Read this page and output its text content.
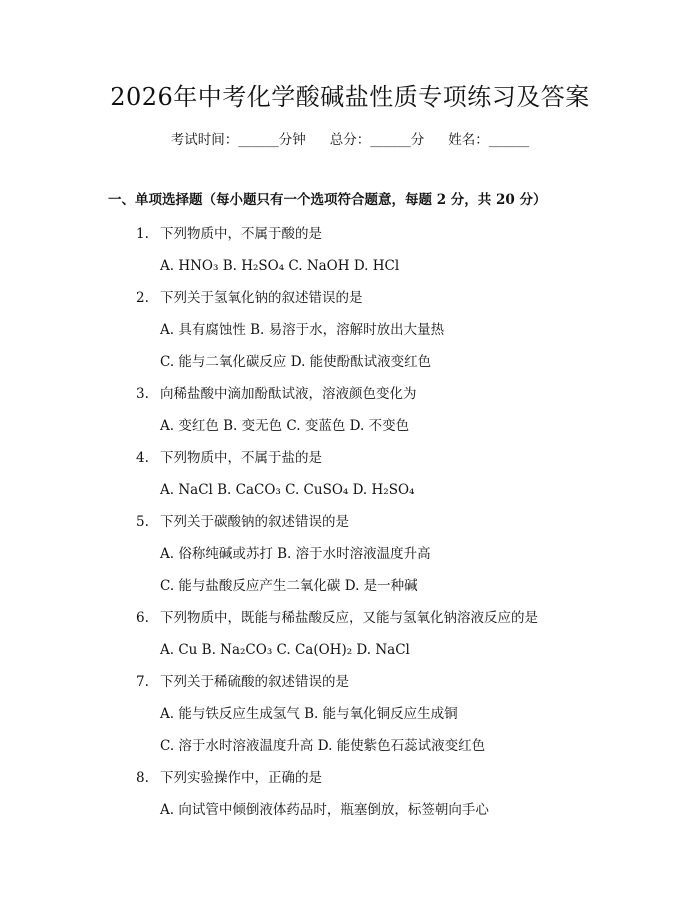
2026年中考化学酸碱盐性质专项练习及答案
考试时间：______分钟 总分：______分 姓名：______
一、单项选择题（每小题只有一个选项符合题意，每题 2 分，共 20 分）
1. 下列物质中，不属于酸的是
A. HNO₃ B. H₂SO₄ C. NaOH D. HCl
2. 下列关于氢氧化钠的叙述错误的是
A. 具有腐蚀性 B. 易溶于水，溶解时放出大量热
C. 能与二氧化碳反应 D. 能使酚酞试液变红色
3. 向稀盐酸中滴加酚酞试液，溶液颜色变化为
A. 变红色 B. 变无色 C. 变蓝色 D. 不变色
4. 下列物质中，不属于盐的是
A. NaCl B. CaCO₃ C. CuSO₄ D. H₂SO₄
5. 下列关于碳酸钠的叙述错误的是
A. 俗称纯碱或苏打 B. 溶于水时溶液温度升高
C. 能与盐酸反应产生二氧化碳 D. 是一种碱
6. 下列物质中，既能与稀盐酸反应，又能与氢氧化钠溶液反应的是
A. Cu B. Na₂CO₃ C. Ca(OH)₂ D. NaCl
7. 下列关于稀硫酸的叙述错误的是
A. 能与铁反应生成氢气 B. 能与氧化铜反应生成铜
C. 溶于水时溶液温度升高 D. 能使紫色石蕊试液变红色
8. 下列实验操作中，正确的是
A. 向试管中倾倒液体药品时，瓶塞倒放，标签朝向手心
